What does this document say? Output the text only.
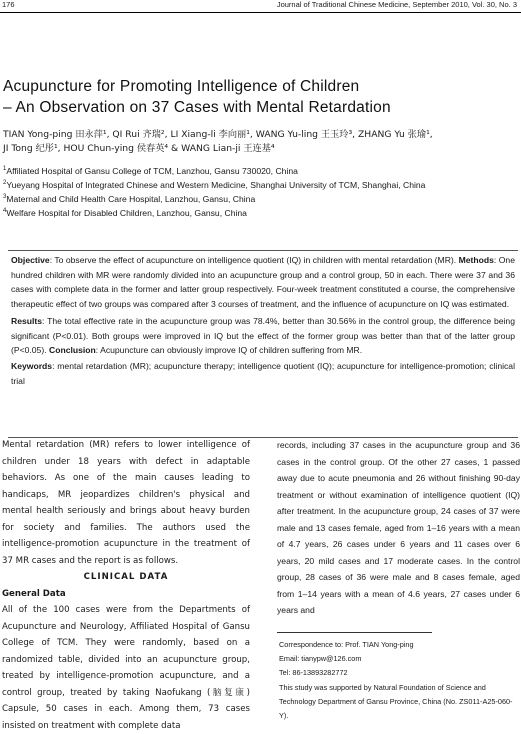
176	Journal of Traditional Chinese Medicine, September 2010, Vol. 30, No. 3
Acupuncture for Promoting Intelligence of Children
– An Observation on 37 Cases with Mental Retardation
TIAN Yong-ping 田永萍¹, QI Rui 齐瑞², LI Xiang-li 李向丽¹, WANG Yu-ling 王玉玲³, ZHANG Yu 张瑜¹,
JI Tong 纪彤¹, HOU Chun-ying 侯春英⁴ & WANG Lian-ji 王连基⁴
$^1$Affiliated Hospital of Gansu College of TCM, Lanzhou, Gansu 730020, China
$^2$Yueyang Hospital of Integrated Chinese and Western Medicine, Shanghai University of TCM, Shanghai, China
$^3$Maternal and Child Health Care Hospital, Lanzhou, Gansu, China
$^4$Welfare Hospital for Disabled Children, Lanzhou, Gansu, China

Objective: To observe the effect of acupuncture on intelligence quotient (IQ) in children with mental retardation (MR). Methods: One hundred children with MR were randomly divided into an acupuncture group and a control group, 50 in each. There were 37 and 36 cases with complete data in the former and latter group respectively. Four-week treatment constituted a course, the comprehensive therapeutic effect of two groups was compared after 3 courses of treatment, and the influence of acupuncture on IQ was estimated.

Results: The total effective rate in the acupuncture group was 78.4%, better than 30.56% in the control group, the difference being significant (P<0.01). Both groups were improved in IQ but the effect of the former group was better than that of the latter group (P<0.05). Conclusion: Acupuncture can obviously improve IQ of children suffering from MR.

Keywords: mental retardation (MR); acupuncture therapy; intelligence quotient (IQ); acupuncture for intelligence-promotion; clinical trial

Mental retardation (MR) refers to lower intelligence of children under 18 years with defect in adaptable behaviors. As one of the main causes leading to handicaps, MR jeopardizes children's physical and mental health seriously and brings about heavy burden for society and families. The authors used the intelligence-promotion acupuncture in the treatment of 37 MR cases and the report is as follows.

CLINICAL DATA

General Data

All of the 100 cases were from the Departments of Acupuncture and Neurology, Affiliated Hospital of Gansu College of TCM. They were randomly, based on a randomized table, divided into an acupuncture group, treated by intelligence-promotion acupuncture, and a control group, treated by taking Naofukang (脑复康) Capsule, 50 cases in each. Among them, 73 cases insisted on treatment with complete data

records, including 37 cases in the acupuncture group and 36 cases in the control group. Of the other 27 cases, 1 passed away due to acute pneumonia and 26 without finishing 90-day treatment or without examination of intelligence quotient (IQ) after treatment. In the acupuncture group, 24 cases of 37 were male and 13 cases female, aged from 1–16 years with a mean of 4.7 years, 26 cases under 6 years and 11 cases over 6 years, 20 mild cases and 17 moderate cases. In the control group, 28 cases of 36 were male and 8 cases female, aged from 1–14 years with a mean of 4.6 years, 27 cases under 6 years and

Correspondence to: Prof. TIAN Yong-ping

Email: tianypw@126.com

Tel: 86-13893282772

This study was supported by Natural Foundation of Science and Technology Department of Gansu Province, China (No. ZS011-A25-060-Y).
